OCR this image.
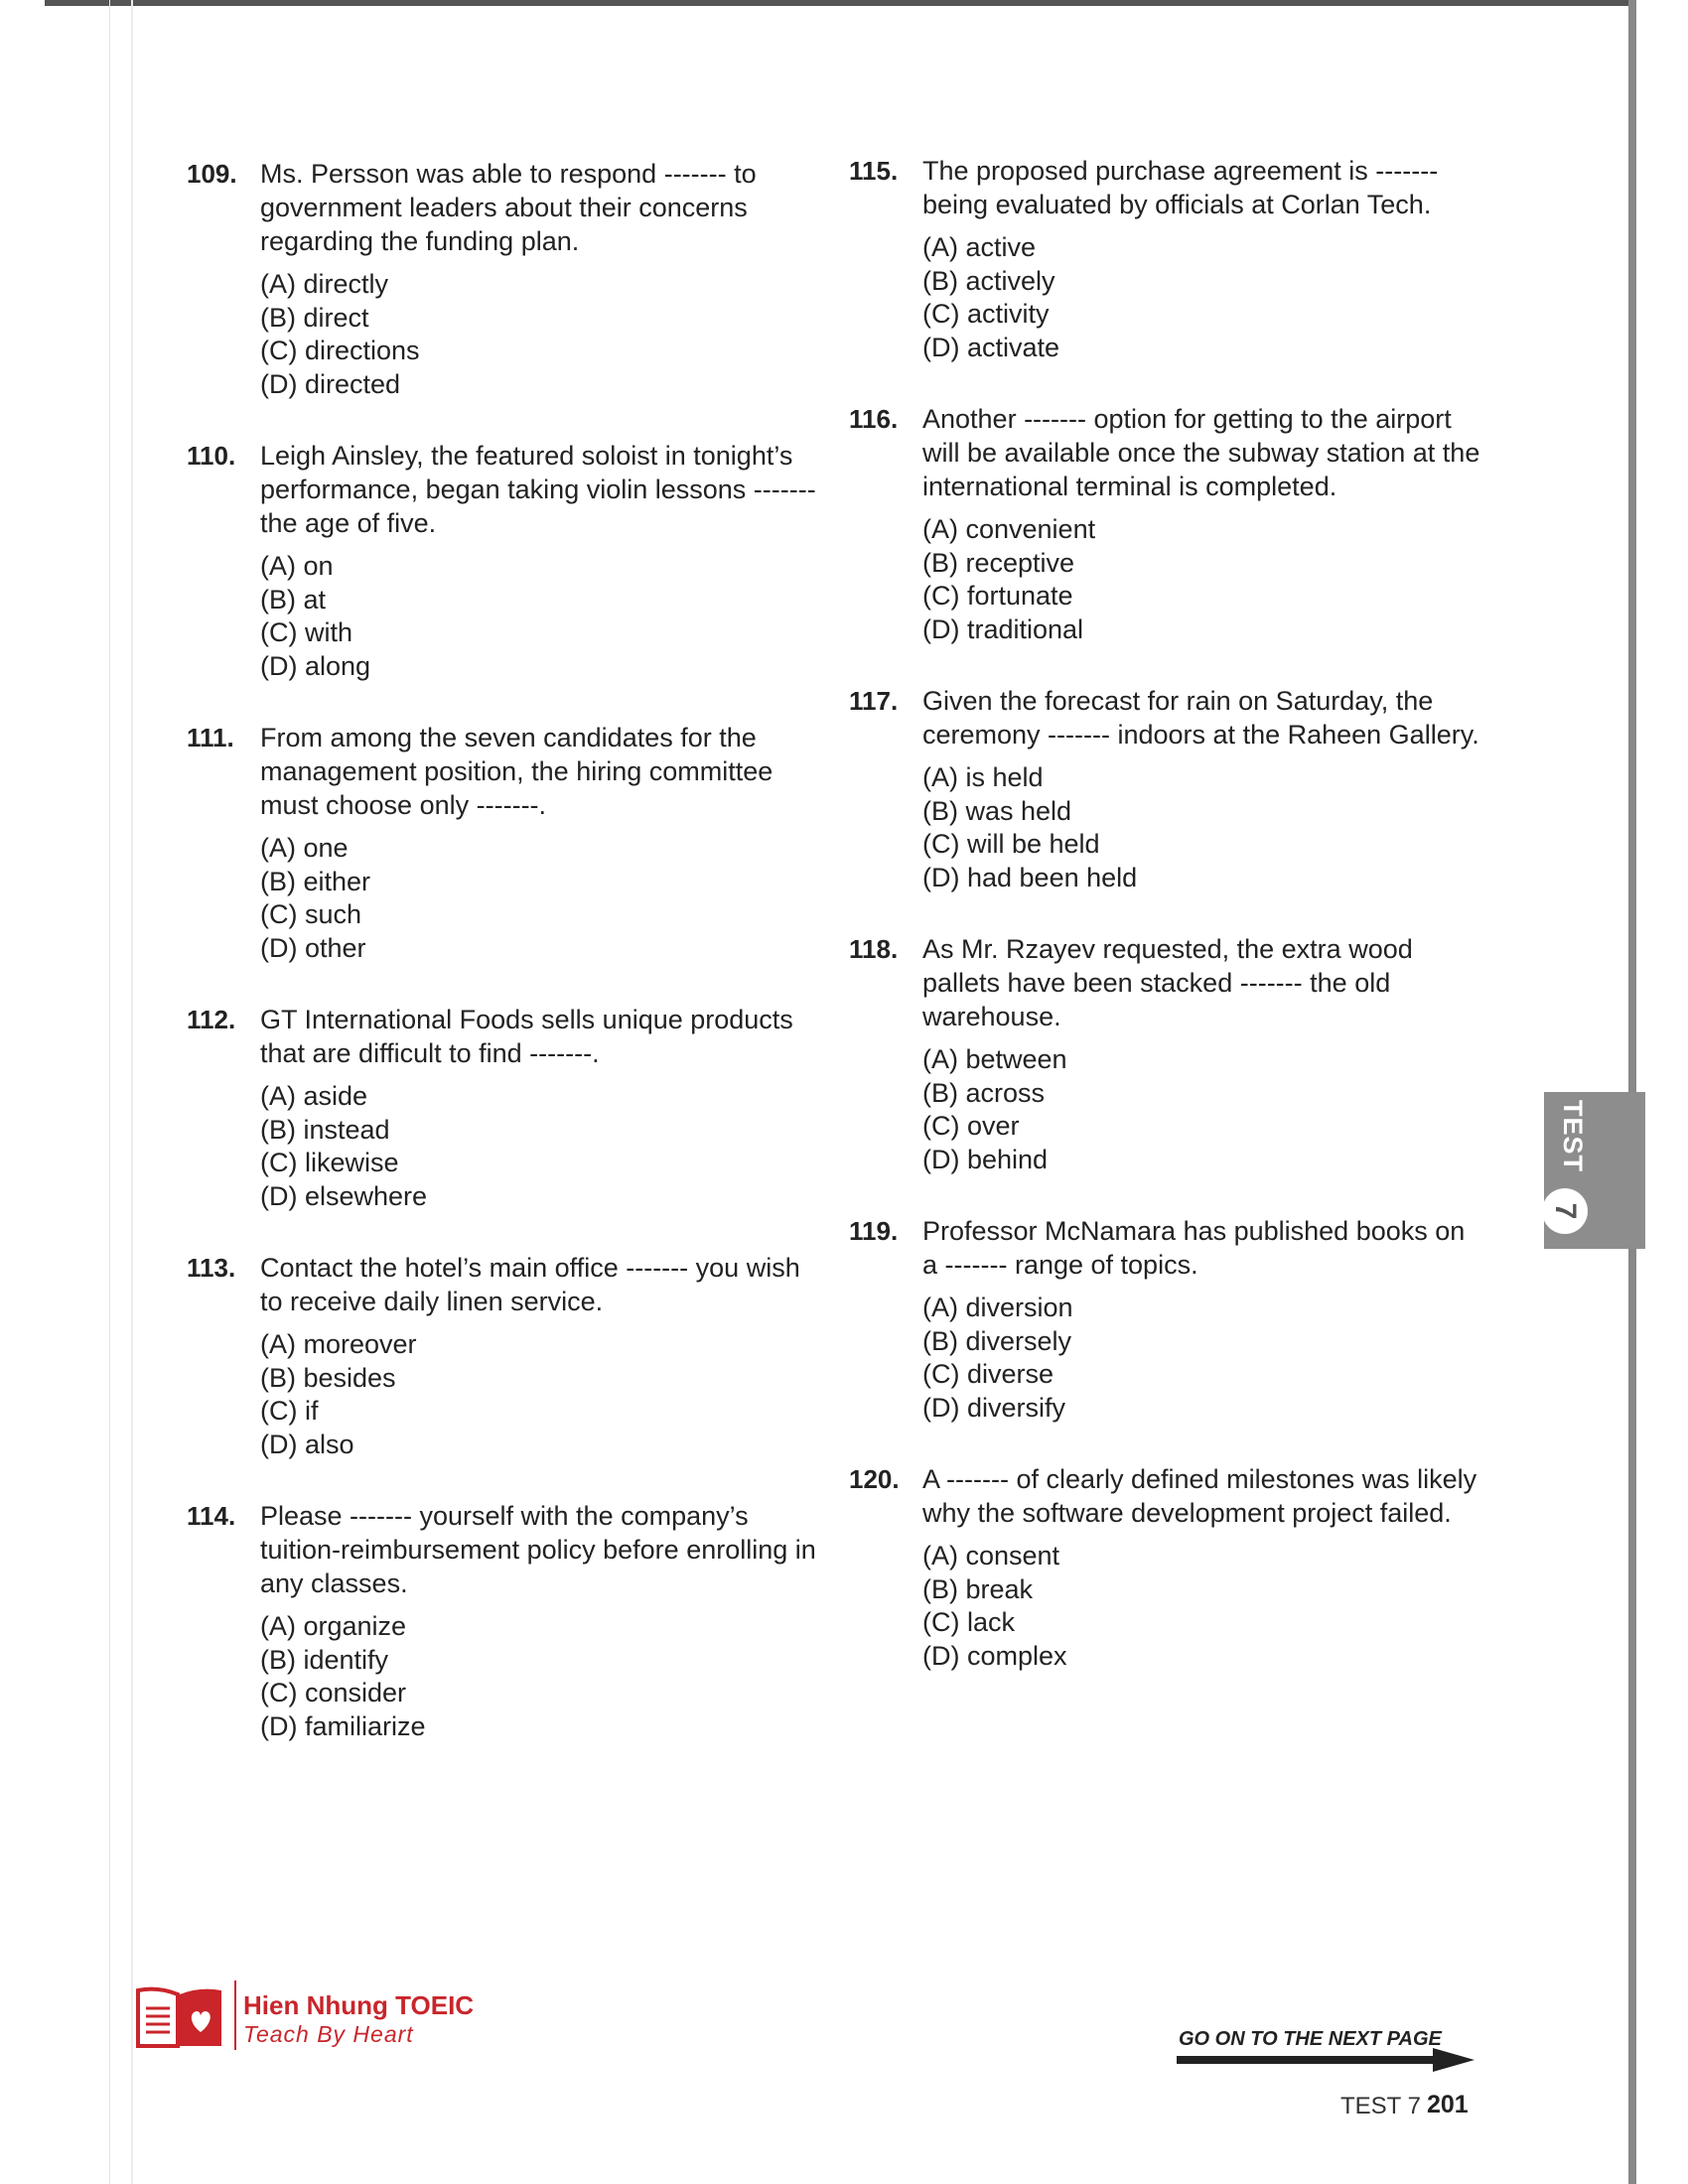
109. Ms. Persson was able to respond ------- to government leaders about their concerns regarding the funding plan.
(A) directly
(B) direct
(C) directions
(D) directed
110. Leigh Ainsley, the featured soloist in tonight’s performance, began taking violin lessons ------- the age of five.
(A) on
(B) at
(C) with
(D) along
111. From among the seven candidates for the management position, the hiring committee must choose only -------.
(A) one
(B) either
(C) such
(D) other
112. GT International Foods sells unique products that are difficult to find -------.
(A) aside
(B) instead
(C) likewise
(D) elsewhere
113. Contact the hotel’s main office ------- you wish to receive daily linen service.
(A) moreover
(B) besides
(C) if
(D) also
114. Please ------- yourself with the company’s tuition-reimbursement policy before enrolling in any classes.
(A) organize
(B) identify
(C) consider
(D) familiarize
115. The proposed purchase agreement is ------- being evaluated by officials at Corlan Tech.
(A) active
(B) actively
(C) activity
(D) activate
116. Another ------- option for getting to the airport will be available once the subway station at the international terminal is completed.
(A) convenient
(B) receptive
(C) fortunate
(D) traditional
117. Given the forecast for rain on Saturday, the ceremony ------- indoors at the Raheen Gallery.
(A) is held
(B) was held
(C) will be held
(D) had been held
118. As Mr. Rzayev requested, the extra wood pallets have been stacked ------- the old warehouse.
(A) between
(B) across
(C) over
(D) behind
119. Professor McNamara has published books on a ------- range of topics.
(A) diversion
(B) diversely
(C) diverse
(D) diversify
120. A ------- of clearly defined milestones was likely why the software development project failed.
(A) consent
(B) break
(C) lack
(D) complex
TEST
7
Hien Nhung TOEIC
Teach By Heart	GO ON TO THE NEXT PAGE
TEST 7 201
